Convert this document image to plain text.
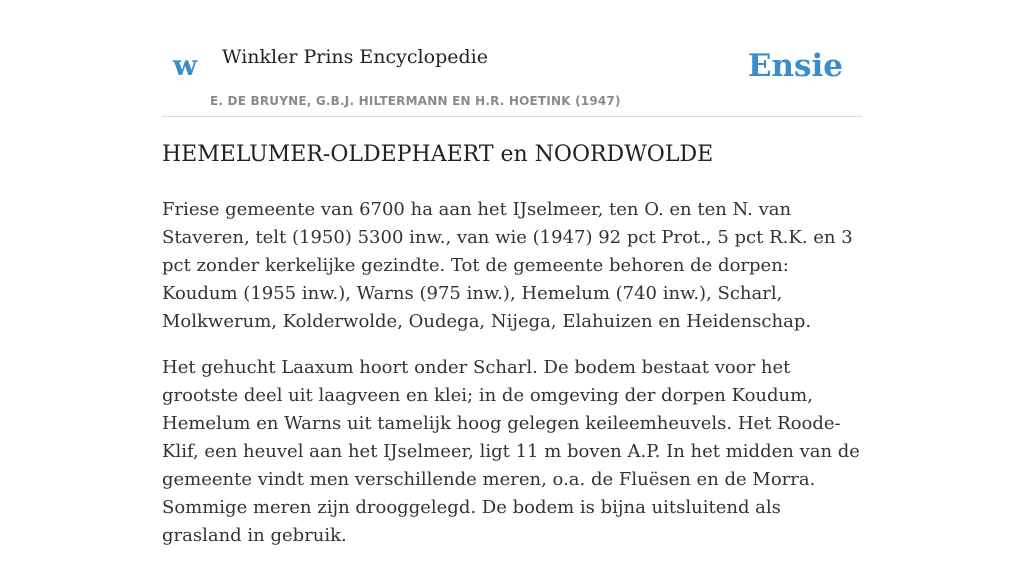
w Winkler Prins Encyclopedie
E. DE BRUYNE, G.B.J. HILTERMANN EN H.R. HOETINK (1947)
Ensie
HEMELUMER-OLDEPHAERT en NOORDWOLDE

Friese gemeente van 6700 ha aan het IJselmeer, ten O. en ten N. van Staveren, telt (1950) 5300 inw., van wie (1947) 92 pct Prot., 5 pct R.K. en 3 pct zonder kerkelijke gezindte. Tot de gemeente behoren de dorpen: Koudum (1955 inw.), Warns (975 inw.), Hemelum (740 inw.), Scharl, Molkwerum, Kolderwolde, Oudega, Nijega, Elahuizen en Heidenschap.

Het gehucht Laaxum hoort onder Scharl. De bodem bestaat voor het grootste deel uit laagveen en klei; in de omgeving der dorpen Koudum, Hemelum en Warns uit tamelijk hoog gelegen keileemheuvels. Het Roode-Klif, een heuvel aan het IJselmeer, ligt 11 m boven A.P. In het midden van de gemeente vindt men verschillende meren, o.a. de Fluësen en de Morra. Sommige meren zijn drooggelegd. De bodem is bijna uitsluitend als grasland in gebruik.
